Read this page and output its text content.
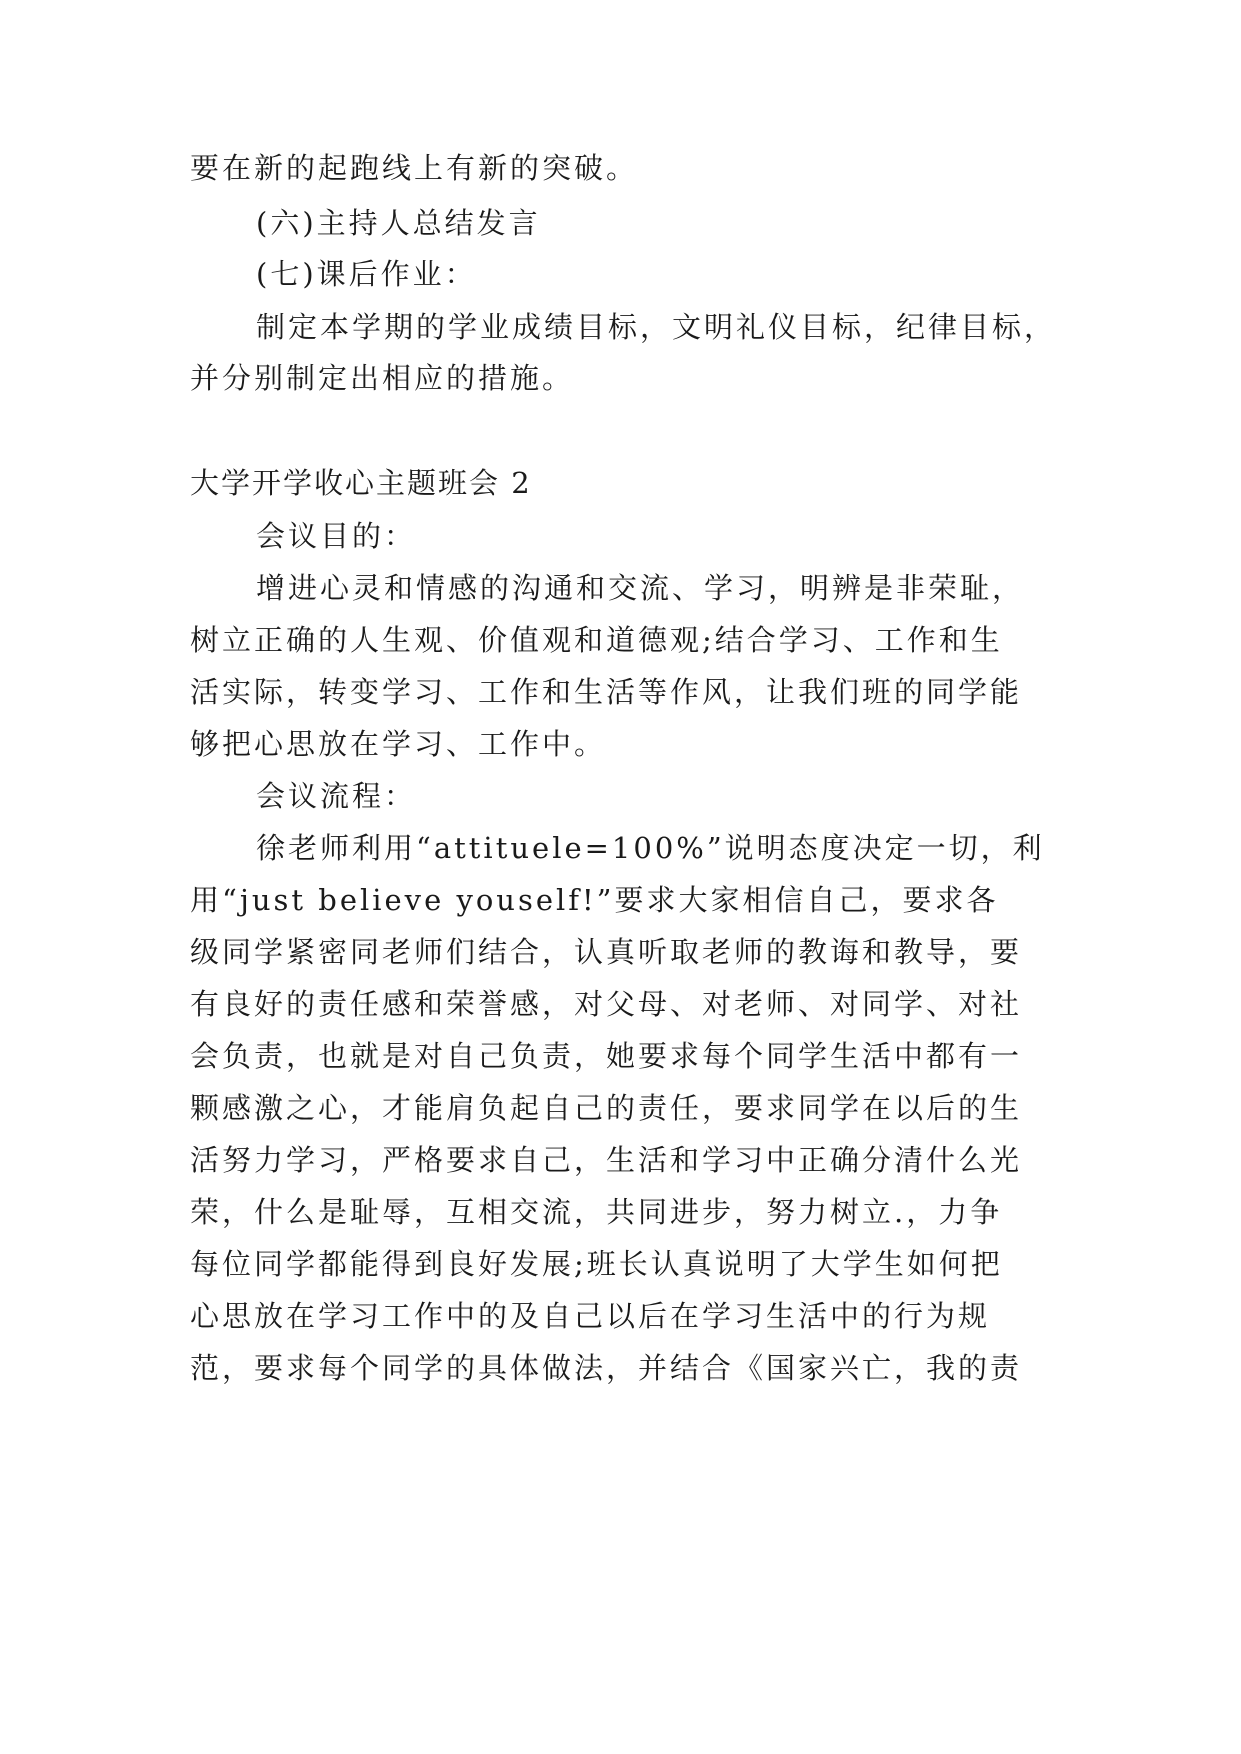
要在新的起跑线上有新的突破。
(六)主持人总结发言
(七)课后作业：
制定本学期的学业成绩目标，文明礼仪目标，纪律目标，
并分别制定出相应的措施。
大学开学收心主题班会 2
会议目的：
增进心灵和情感的沟通和交流、学习，明辨是非荣耻，
树立正确的人生观、价值观和道德观;结合学习、工作和生
活实际，转变学习、工作和生活等作风，让我们班的同学能
够把心思放在学习、工作中。
会议流程：
徐老师利用“attituele=100%”说明态度决定一切，利
用“just believe youself!”要求大家相信自己，要求各
级同学紧密同老师们结合，认真听取老师的教诲和教导，要
有良好的责任感和荣誉感，对父母、对老师、对同学、对社
会负责，也就是对自己负责，她要求每个同学生活中都有一
颗感激之心，才能肩负起自己的责任，要求同学在以后的生
活努力学习，严格要求自己，生活和学习中正确分清什么光
荣，什么是耻辱，互相交流，共同进步，努力树立.，力争
每位同学都能得到良好发展;班长认真说明了大学生如何把
心思放在学习工作中的及自己以后在学习生活中的行为规
范，要求每个同学的具体做法，并结合《国家兴亡，我的责
